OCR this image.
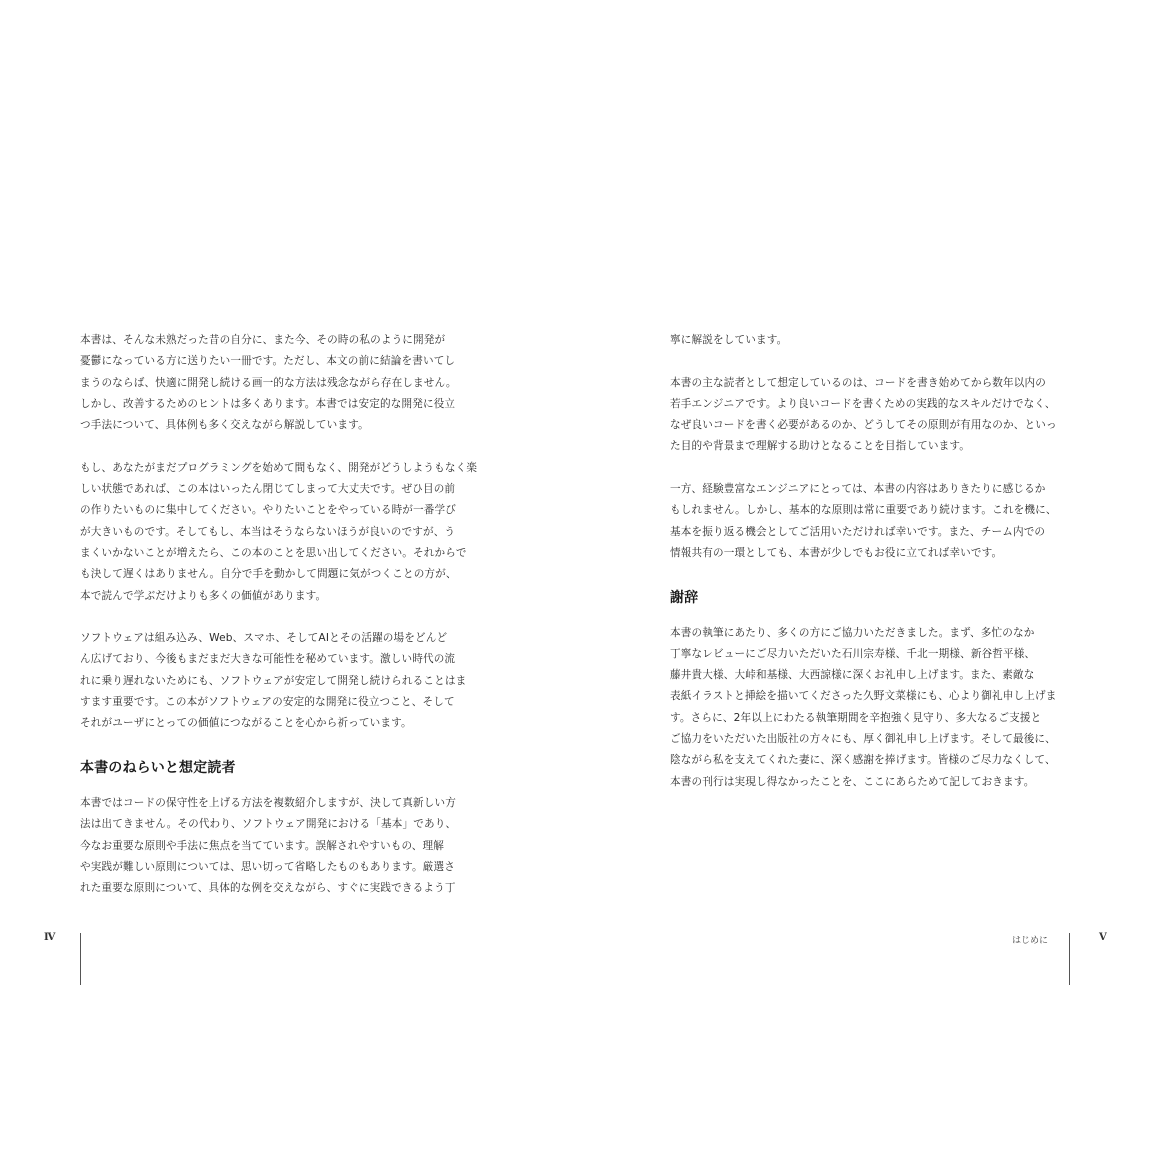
本書は、そんな未熟だった昔の自分に、また今、その時の私のように開発が
憂鬱になっている方に送りたい一冊です。ただし、本文の前に結論を書いてし
まうのならば、快適に開発し続ける画一的な方法は残念ながら存在しません。
しかし、改善するためのヒントは多くあります。本書では安定的な開発に役立
つ手法について、具体例も多く交えながら解説しています。
もし、あなたがまだプログラミングを始めて間もなく、開発がどうしようもなく楽
しい状態であれば、この本はいったん閉じてしまって大丈夫です。ぜひ目の前
の作りたいものに集中してください。やりたいことをやっている時が一番学び
が大きいものです。そしてもし、本当はそうならないほうが良いのですが、う
まくいかないことが増えたら、この本のことを思い出してください。それからで
も決して遅くはありません。自分で手を動かして問題に気がつくことの方が、
本で読んで学ぶだけよりも多くの価値があります。
ソフトウェアは組み込み、Web、スマホ、そしてAIとその活躍の場をどんど
ん広げており、今後もまだまだ大きな可能性を秘めています。激しい時代の流
れに乗り遅れないためにも、ソフトウェアが安定して開発し続けられることはま
すます重要です。この本がソフトウェアの安定的な開発に役立つこと、そして
それがユーザにとっての価値につながることを心から祈っています。
本書のねらいと想定読者
本書ではコードの保守性を上げる方法を複数紹介しますが、決して真新しい方
法は出てきません。その代わり、ソフトウェア開発における「基本」であり、
今なお重要な原則や手法に焦点を当てています。誤解されやすいもの、理解
や実践が難しい原則については、思い切って省略したものもあります。厳選さ
れた重要な原則について、具体的な例を交えながら、すぐに実践できるよう丁
Ⅳ
寧に解説をしています。
本書の主な読者として想定しているのは、コードを書き始めてから数年以内の
若手エンジニアです。より良いコードを書くための実践的なスキルだけでなく、
なぜ良いコードを書く必要があるのか、どうしてその原則が有用なのか、といっ
た目的や背景まで理解する助けとなることを目指しています。
一方、経験豊富なエンジニアにとっては、本書の内容はありきたりに感じるか
もしれません。しかし、基本的な原則は常に重要であり続けます。これを機に、
基本を振り返る機会としてご活用いただければ幸いです。また、チーム内での
情報共有の一環としても、本書が少しでもお役に立てれば幸いです。
謝辞
本書の執筆にあたり、多くの方にご協力いただきました。まず、多忙のなか
丁寧なレビューにご尽力いただいた石川宗寿様、千北一期様、新谷哲平様、
藤井貴大様、大峠和基様、大西諒様に深くお礼申し上げます。また、素敵な
表紙イラストと挿絵を描いてくださった久野文菜様にも、心より御礼申し上げま
す。さらに、2年以上にわたる執筆期間を辛抱強く見守り、多大なるご支援と
ご協力をいただいた出版社の方々にも、厚く御礼申し上げます。そして最後に、
陰ながら私を支えてくれた妻に、深く感謝を捧げます。皆様のご尽力なくして、
本書の刊行は実現し得なかったことを、ここにあらためて記しておきます。
はじめに	Ⅴ
